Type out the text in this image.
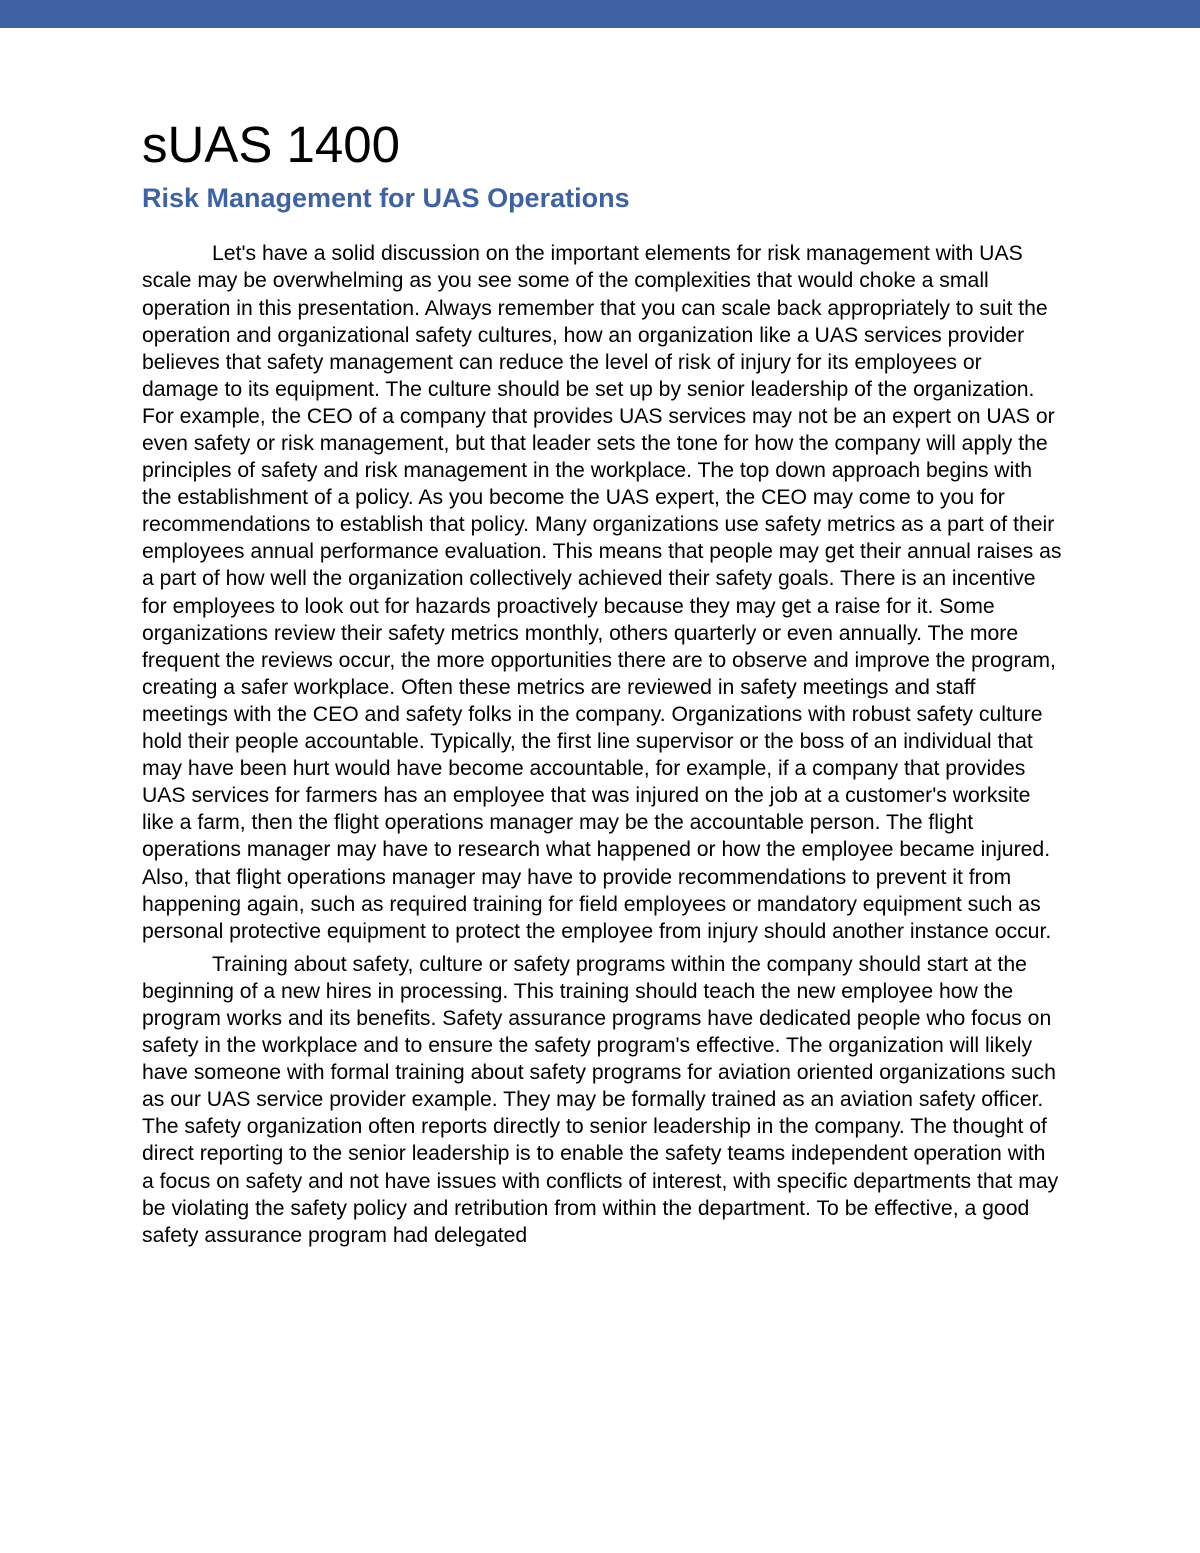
sUAS 1400
Risk Management for UAS Operations

Let's have a solid discussion on the important elements for risk management with UAS scale may be overwhelming as you see some of the complexities that would choke a small operation in this presentation. Always remember that you can scale back appropriately to suit the operation and organizational safety cultures, how an organization like a UAS services provider believes that safety management can reduce the level of risk of injury for its employees or damage to its equipment. The culture should be set up by senior leadership of the organization. For example, the CEO of a company that provides UAS services may not be an expert on UAS or even safety or risk management, but that leader sets the tone for how the company will apply the principles of safety and risk management in the workplace. The top down approach begins with the establishment of a policy. As you become the UAS expert, the CEO may come to you for recommendations to establish that policy. Many organizations use safety metrics as a part of their employees annual performance evaluation. This means that people may get their annual raises as a part of how well the organization collectively achieved their safety goals. There is an incentive for employees to look out for hazards proactively because they may get a raise for it. Some organizations review their safety metrics monthly, others quarterly or even annually. The more frequent the reviews occur, the more opportunities there are to observe and improve the program, creating a safer workplace. Often these metrics are reviewed in safety meetings and staff meetings with the CEO and safety folks in the company. Organizations with robust safety culture hold their people accountable. Typically, the first line supervisor or the boss of an individual that may have been hurt would have become accountable, for example, if a company that provides UAS services for farmers has an employee that was injured on the job at a customer's worksite like a farm, then the flight operations manager may be the accountable person. The flight operations manager may have to research what happened or how the employee became injured. Also, that flight operations manager may have to provide recommendations to prevent it from happening again, such as required training for field employees or mandatory equipment such as personal protective equipment to protect the employee from injury should another instance occur.

Training about safety, culture or safety programs within the company should start at the beginning of a new hires in processing. This training should teach the new employee how the program works and its benefits. Safety assurance programs have dedicated people who focus on safety in the workplace and to ensure the safety program's effective. The organization will likely have someone with formal training about safety programs for aviation oriented organizations such as our UAS service provider example. They may be formally trained as an aviation safety officer. The safety organization often reports directly to senior leadership in the company. The thought of direct reporting to the senior leadership is to enable the safety teams independent operation with a focus on safety and not have issues with conflicts of interest, with specific departments that may be violating the safety policy and retribution from within the department. To be effective, a good safety assurance program had delegated
